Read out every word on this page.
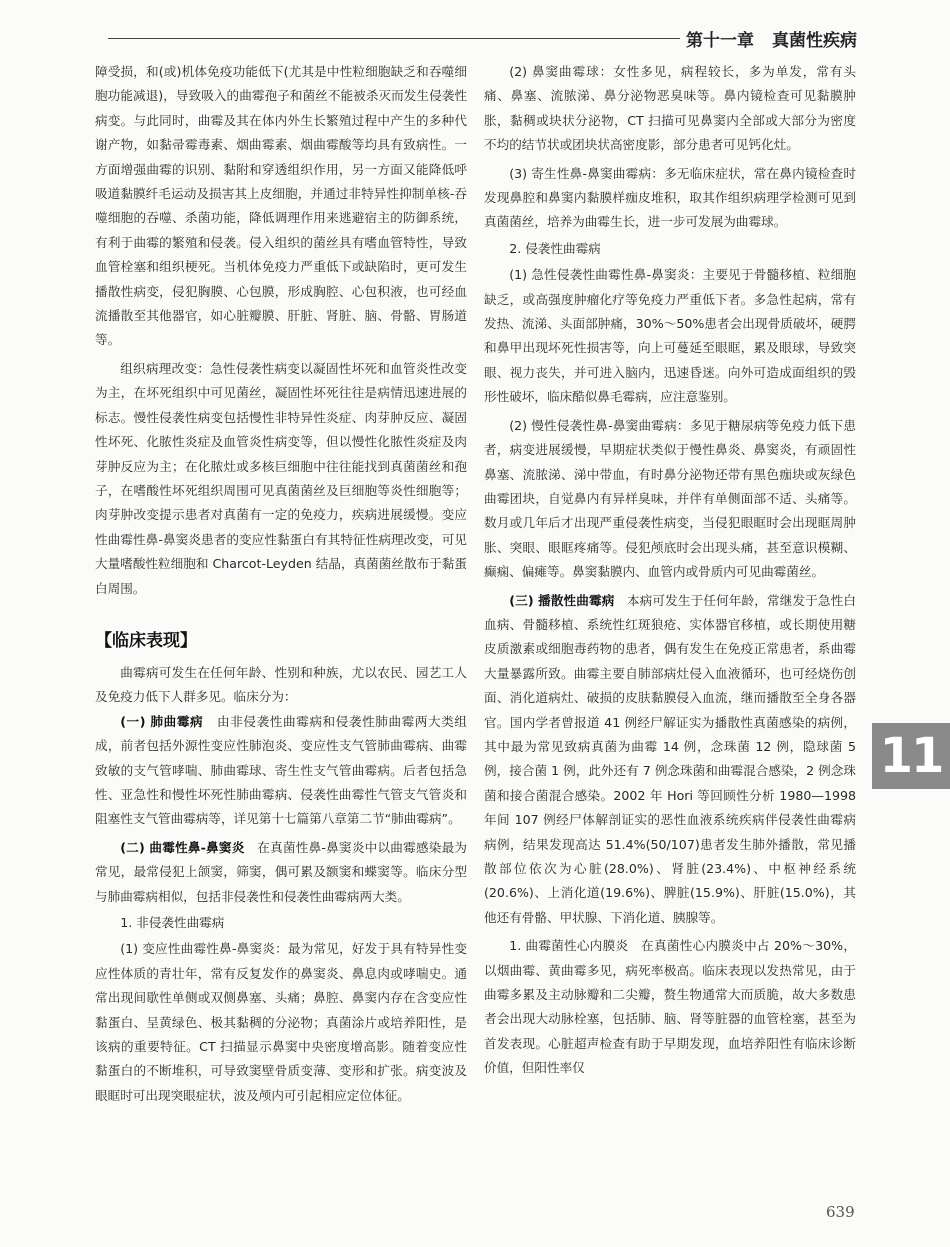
第十一章 真菌性疾病

障受损，和(或)机体免疫功能低下(尤其是中性粒细胞缺乏和吞噬细胞功能减退)，导致吸入的曲霉孢子和菌丝不能被杀灭而发生侵袭性病变。与此同时，曲霉及其在体内外生长繁殖过程中产生的多种代谢产物，如黏帚霉毒素、烟曲霉素、烟曲霉酸等均具有致病性。一方面增强曲霉的识别、黏附和穿透组织作用，另一方面又能降低呼吸道黏膜纤毛运动及损害其上皮细胞，并通过非特异性抑制单核-吞噬细胞的吞噬、杀菌功能，降低调理作用来逃避宿主的防御系统，有利于曲霉的繁殖和侵袭。侵入组织的菌丝具有嗜血管特性，导致血管栓塞和组织梗死。当机体免疫力严重低下或缺陷时，更可发生播散性病变，侵犯胸膜、心包膜，形成胸腔、心包积液，也可经血流播散至其他器官，如心脏瓣膜、肝脏、肾脏、脑、骨骼、胃肠道等。

组织病理改变：急性侵袭性病变以凝固性坏死和血管炎性改变为主，在坏死组织中可见菌丝，凝固性坏死往往是病情迅速进展的标志。慢性侵袭性病变包括慢性非特异性炎症、肉芽肿反应、凝固性坏死、化脓性炎症及血管炎性病变等，但以慢性化脓性炎症及肉芽肿反应为主；在化脓灶或多核巨细胞中往往能找到真菌菌丝和孢子，在嗜酸性坏死组织周围可见真菌菌丝及巨细胞等炎性细胞等；肉芽肿改变提示患者对真菌有一定的免疫力，疾病进展缓慢。变应性曲霉性鼻-鼻窦炎患者的变应性黏蛋白有其特征性病理改变，可见大量嗜酸性粒细胞和 Charcot-Leyden 结晶，真菌菌丝散布于黏蛋白周围。

【临床表现】

曲霉病可发生在任何年龄、性别和种族，尤以农民、园艺工人及免疫力低下人群多见。临床分为：

(一) 肺曲霉病 由非侵袭性曲霉病和侵袭性肺曲霉两大类组成，前者包括外源性变应性肺泡炎、变应性支气管肺曲霉病、曲霉致敏的支气管哮喘、肺曲霉球、寄生性支气管曲霉病。后者包括急性、亚急性和慢性坏死性肺曲霉病、侵袭性曲霉性气管支气管炎和阻塞性支气管曲霉病等，详见第十七篇第八章第二节“肺曲霉病”。

(二) 曲霉性鼻-鼻窦炎 在真菌性鼻-鼻窦炎中以曲霉感染最为常见，最常侵犯上颌窦，筛窦，偶可累及额窦和蝶窦等。临床分型与肺曲霉病相似，包括非侵袭性和侵袭性曲霉病两大类。

1. 非侵袭性曲霉病

(1) 变应性曲霉性鼻-鼻窦炎：最为常见，好发于具有特异性变应性体质的青壮年，常有反复发作的鼻窦炎、鼻息肉或哮喘史。通常出现间歇性单侧或双侧鼻塞、头痛；鼻腔、鼻窦内存在含变应性黏蛋白、呈黄绿色、极其黏稠的分泌物；真菌涂片或培养阳性，是该病的重要特征。CT 扫描显示鼻窦中央密度增高影。随着变应性黏蛋白的不断堆积，可导致窦壁骨质变薄、变形和扩张。病变波及眼眶时可出现突眼症状，波及颅内可引起相应定位体征。

(2) 鼻窦曲霉球：女性多见，病程较长，多为单发，常有头痛、鼻塞、流脓涕、鼻分泌物恶臭味等。鼻内镜检查可见黏膜肿胀，黏稠或块状分泌物，CT 扫描可见鼻窦内全部或大部分为密度不均的结节状或团块状高密度影，部分患者可见钙化灶。

(3) 寄生性鼻-鼻窦曲霉病：多无临床症状，常在鼻内镜检查时发现鼻腔和鼻窦内黏膜样痂皮堆积，取其作组织病理学检测可见到真菌菌丝，培养为曲霉生长，进一步可发展为曲霉球。

2. 侵袭性曲霉病

(1) 急性侵袭性曲霉性鼻-鼻窦炎：主要见于骨髓移植、粒细胞缺乏，或高强度肿瘤化疗等免疫力严重低下者。多急性起病，常有发热、流涕、头面部肿痛，30%～50%患者会出现骨质破坏，硬腭和鼻甲出现坏死性损害等，向上可蔓延至眼眶，累及眼球，导致突眼、视力丧失，并可进入脑内，迅速昏迷。向外可造成面组织的毁形性破坏，临床酷似鼻毛霉病，应注意鉴别。

(2) 慢性侵袭性鼻-鼻窦曲霉病：多见于糖尿病等免疫力低下患者，病变进展缓慢，早期症状类似于慢性鼻炎、鼻窦炎，有顽固性鼻塞、流脓涕、涕中带血，有时鼻分泌物还带有黑色痂块或灰绿色曲霉团块，自觉鼻内有异样臭味，并伴有单侧面部不适、头痛等。数月或几年后才出现严重侵袭性病变，当侵犯眼眶时会出现眶周肿胀、突眼、眼眶疼痛等。侵犯颅底时会出现头痛，甚至意识模糊、癫痫、偏瘫等。鼻窦黏膜内、血管内或骨质内可见曲霉菌丝。

(三) 播散性曲霉病 本病可发生于任何年龄，常继发于急性白血病、骨髓移植、系统性红斑狼疮、实体器官移植，或长期使用糖皮质激素或细胞毒药物的患者，偶有发生在免疫正常患者，系曲霉大量暴露所致。曲霉主要自肺部病灶侵入血液循环，也可经烧伤创面、消化道病灶、破损的皮肤黏膜侵入血流，继而播散至全身各器官。国内学者曾报道 41 例经尸解证实为播散性真菌感染的病例，其中最为常见致病真菌为曲霉 14 例，念珠菌 12 例，隐球菌 5 例，接合菌 1 例，此外还有 7 例念珠菌和曲霉混合感染，2 例念珠菌和接合菌混合感染。2002 年 Hori 等回顾性分析 1980—1998 年间 107 例经尸体解剖证实的恶性血液系统疾病伴侵袭性曲霉病病例，结果发现高达 51.4%(50/107)患者发生肺外播散，常见播散部位依次为心脏(28.0%)、肾脏(23.4%)、中枢神经系统(20.6%)、上消化道(19.6%)、脾脏(15.9%)、肝脏(15.0%)，其他还有骨骼、甲状腺、下消化道、胰腺等。

1. 曲霉菌性心内膜炎 在真菌性心内膜炎中占 20%～30%，以烟曲霉、黄曲霉多见，病死率极高。临床表现以发热常见，由于曲霉多累及主动脉瓣和二尖瓣，赘生物通常大而质脆，故大多数患者会出现大动脉栓塞，包括肺、脑、肾等脏器的血管栓塞，甚至为首发表现。心脏超声检查有助于早期发现，血培养阳性有临床诊断价值，但阳性率仅

11
639
